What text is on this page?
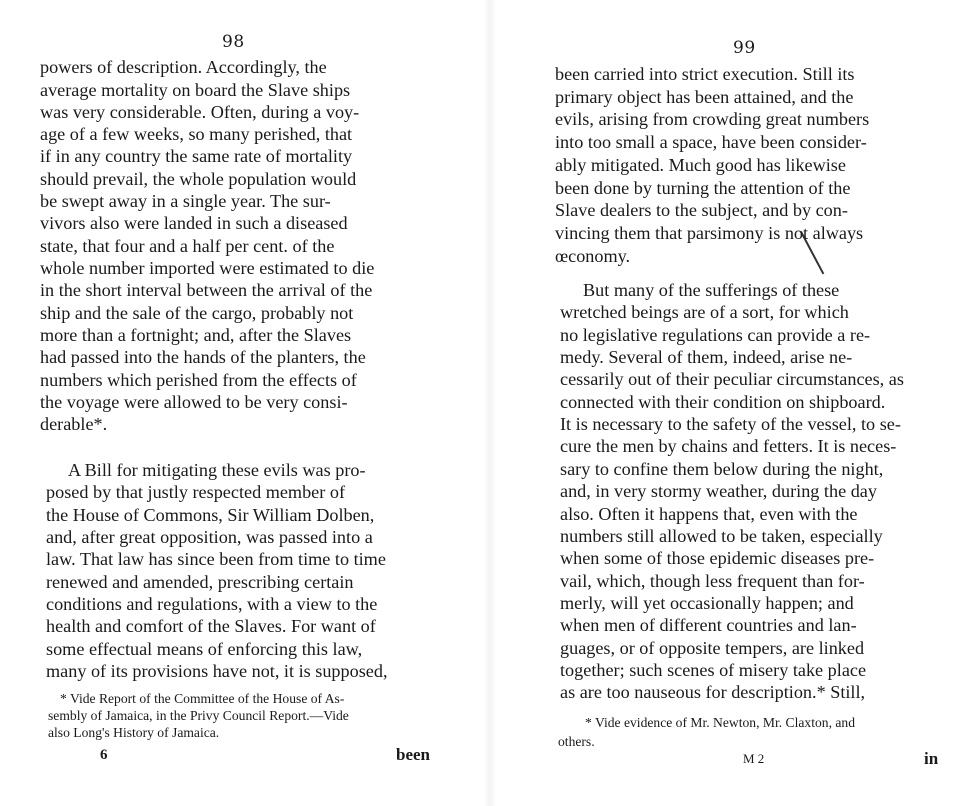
98
powers of description. Accordingly, the
average mortality on board the Slave ships
was very considerable. Often, during a voy-
age of a few weeks, so many perished, that
if in any country the same rate of mortality
should prevail, the whole population would
be swept away in a single year. The sur-
vivors also were landed in such a diseased
state, that four and a half per cent. of the
whole number imported were estimated to die
in the short interval between the arrival of the
ship and the sale of the cargo, probably not
more than a fortnight; and, after the Slaves
had passed into the hands of the planters, the
numbers which perished from the effects of
the voyage were allowed to be very consi-
derable*.
A Bill for mitigating these evils was pro-
posed by that justly respected member of
the House of Commons, Sir William Dolben,
and, after great opposition, was passed into a
law. That law has since been from time to time
renewed and amended, prescribing certain
conditions and regulations, with a view to the
health and comfort of the Slaves. For want of
some effectual means of enforcing this law,
many of its provisions have not, it is supposed,
* Vide Report of the Committee of the House of As-
sembly of Jamaica, in the Privy Council Report.—Vide
also Long's History of Jamaica.
6	been
99
been carried into strict execution. Still its
primary object has been attained, and the
evils, arising from crowding great numbers
into too small a space, have been consider-
ably mitigated. Much good has likewise
been done by turning the attention of the
Slave dealers to the subject, and by con-
vincing them that parsimony is not always
œconomy.
But many of the sufferings of these
wretched beings are of a sort, for which
no legislative regulations can provide a re-
medy. Several of them, indeed, arise ne-
cessarily out of their peculiar circumstances, as
connected with their condition on shipboard.
It is necessary to the safety of the vessel, to se-
cure the men by chains and fetters. It is neces-
sary to confine them below during the night,
and, in very stormy weather, during the day
also. Often it happens that, even with the
numbers still allowed to be taken, especially
when some of those epidemic diseases pre-
vail, which, though less frequent than for-
merly, will yet occasionally happen; and
when men of different countries and lan-
guages, or of opposite tempers, are linked
together; such scenes of misery take place
as are too nauseous for description.* Still,
* Vide evidence of Mr. Newton, Mr. Claxton, and
others.
M 2	in
